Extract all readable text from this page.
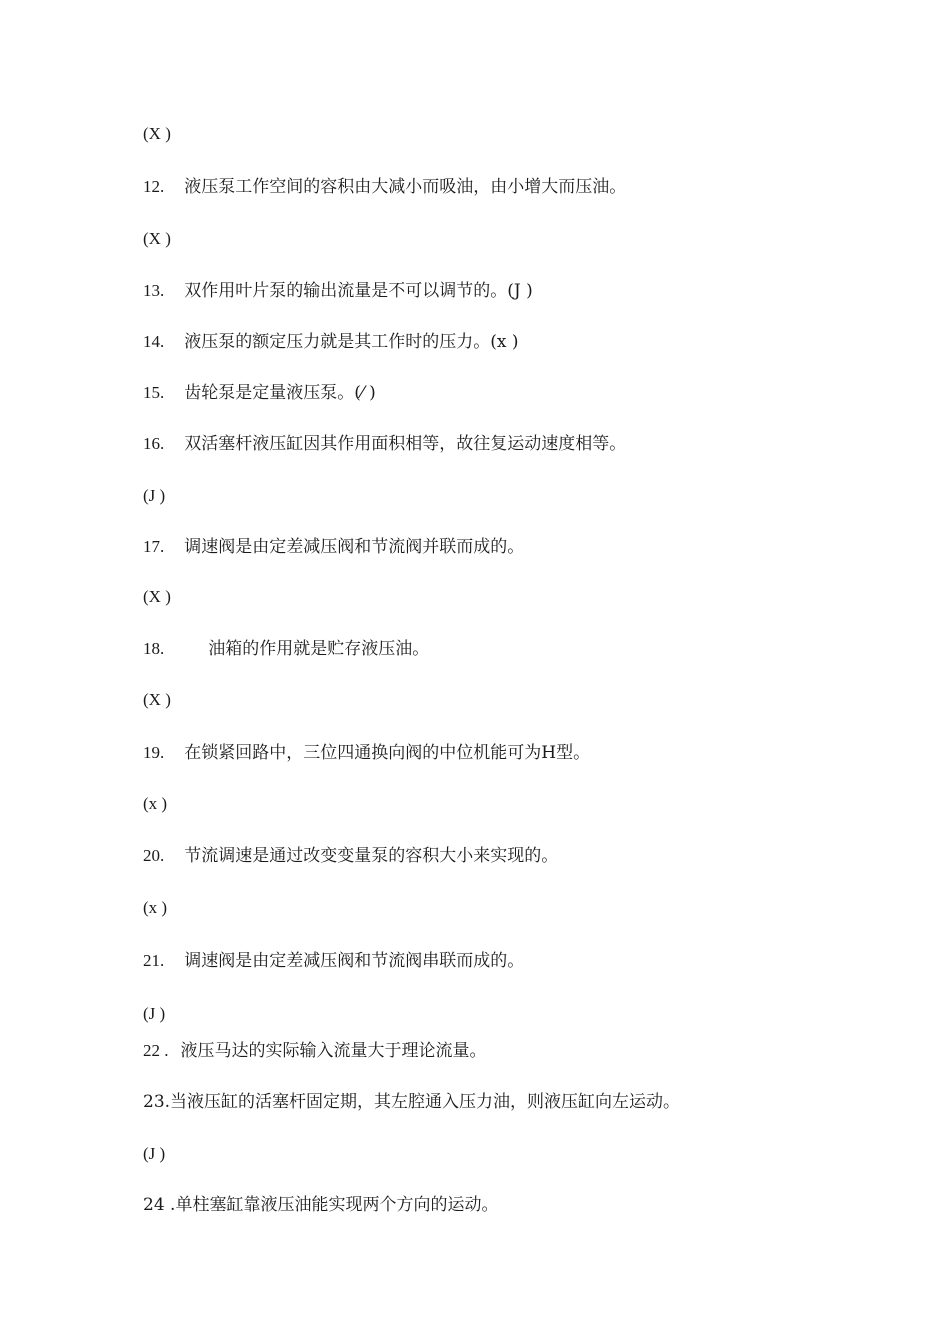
(X )
12. 液压泵工作空间的容积由大减小而吸油，由小增大而压油。
(X )
13. 双作用叶片泵的输出流量是不可以调节的。(J )
14. 液压泵的额定压力就是其工作时的压力。(x )
15. 齿轮泵是定量液压泵。(⁄ )
16. 双活塞杆液压缸因其作用面积相等，故往复运动速度相等。
(J )
17. 调速阀是由定差减压阀和节流阀并联而成的。
(X )
18.	油箱的作用就是贮存液压油。
(X )
19. 在锁紧回路中，三位四通换向阀的中位机能可为H型。
(x )
20. 节流调速是通过改变变量泵的容积大小来实现的。
(x )
21. 调速阀是由定差减压阀和节流阀串联而成的。
(J )
22 . 液压马达的实际输入流量大于理论流量。
23.当液压缸的活塞杆固定期，其左腔通入压力油，则液压缸向左运动。
(J )
24 .单柱塞缸靠液压油能实现两个方向的运动。
